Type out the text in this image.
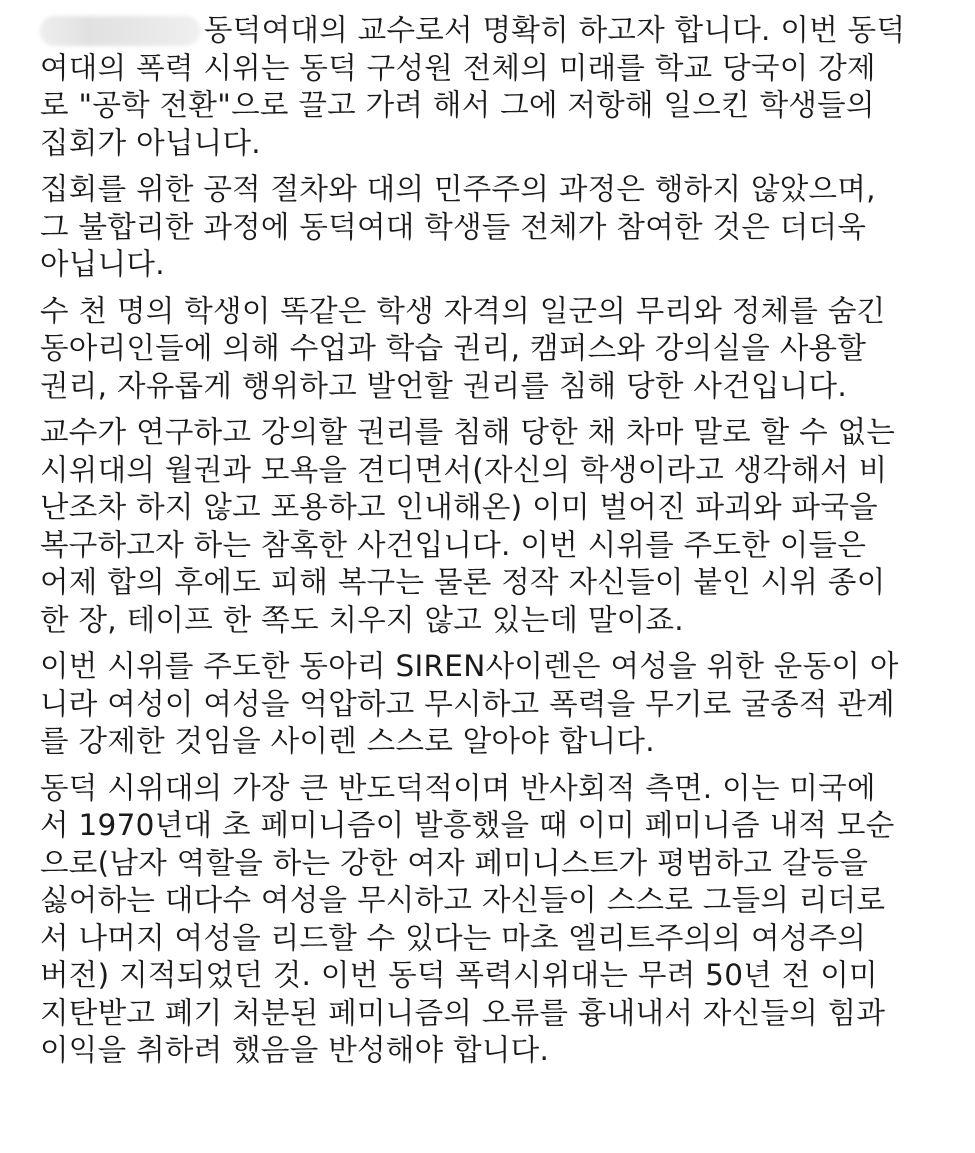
동덕여대의 교수로서 명확히 하고자 합니다. 이번 동덕
여대의 폭력 시위는 동덕 구성원 전체의 미래를 학교 당국이 강제
로 "공학 전환"으로 끌고 가려 해서 그에 저항해 일으킨 학생들의
집회가 아닙니다.
집회를 위한 공적 절차와 대의 민주주의 과정은 행하지 않았으며,
그 불합리한 과정에 동덕여대 학생들 전체가 참여한 것은 더더욱
아닙니다.
수 천 명의 학생이 똑같은 학생 자격의 일군의 무리와 정체를 숨긴
동아리인들에 의해 수업과 학습 권리, 캠퍼스와 강의실을 사용할
권리, 자유롭게 행위하고 발언할 권리를 침해 당한 사건입니다.
교수가 연구하고 강의할 권리를 침해 당한 채 차마 말로 할 수 없는
시위대의 월권과 모욕을 견디면서(자신의 학생이라고 생각해서 비
난조차 하지 않고 포용하고 인내해온) 이미 벌어진 파괴와 파국을
복구하고자 하는 참혹한 사건입니다. 이번 시위를 주도한 이들은
어제 합의 후에도 피해 복구는 물론 정작 자신들이 붙인 시위 종이
한 장, 테이프 한 쪽도 치우지 않고 있는데 말이죠.
이번 시위를 주도한 동아리 SIREN사이렌은 여성을 위한 운동이 아
니라 여성이 여성을 억압하고 무시하고 폭력을 무기로 굴종적 관계
를 강제한 것임을 사이렌 스스로 알아야 합니다.
동덕 시위대의 가장 큰 반도덕적이며 반사회적 측면. 이는 미국에
서 1970년대 초 페미니즘이 발흥했을 때 이미 페미니즘 내적 모순
으로(남자 역할을 하는 강한 여자 페미니스트가 평범하고 갈등을
싫어하는 대다수 여성을 무시하고 자신들이 스스로 그들의 리더로
서 나머지 여성을 리드할 수 있다는 마초 엘리트주의의 여성주의
버전) 지적되었던 것. 이번 동덕 폭력시위대는 무려 50년 전 이미
지탄받고 폐기 처분된 페미니즘의 오류를 흉내내서 자신들의 힘과
이익을 취하려 했음을 반성해야 합니다.
